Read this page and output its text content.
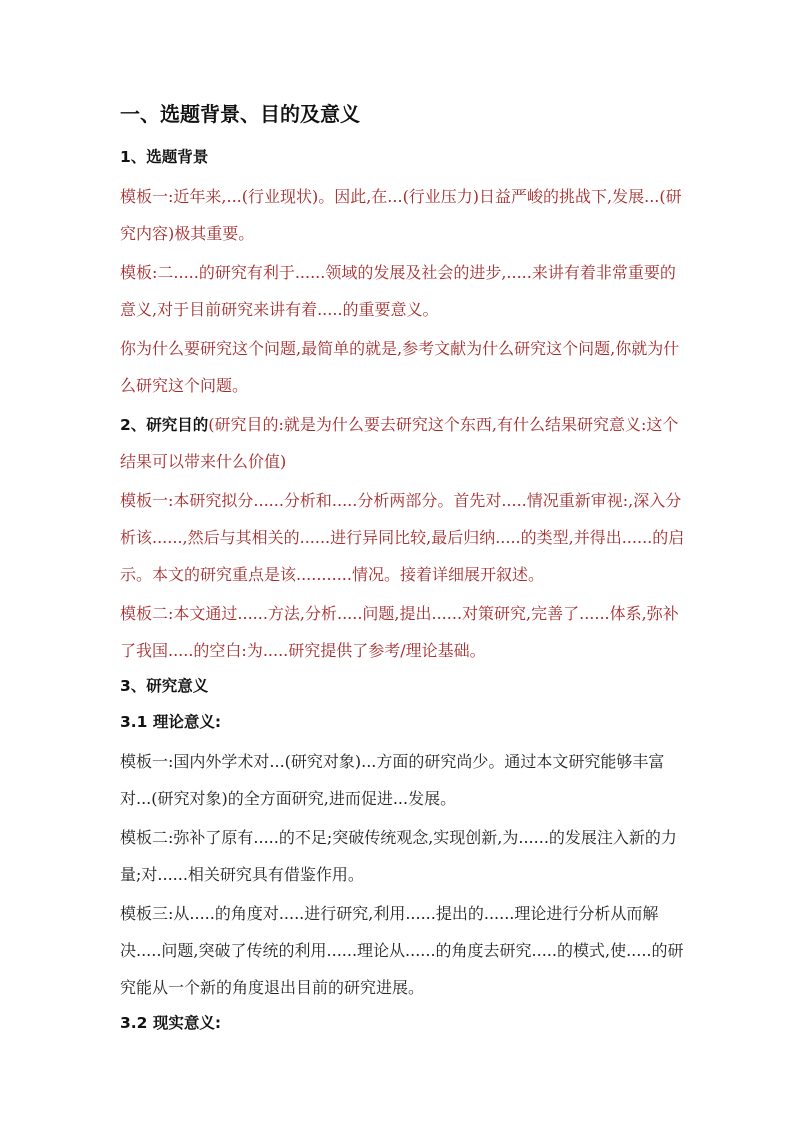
一、选题背景、目的及意义
1、选题背景

模板一:近年来,...(行业现状)。因此,在...(行业压力)日益严峻的挑战下,发展...(研究内容)极其重要。

模板:二.....的研究有利于......领域的发展及社会的进步,.....来讲有着非常重要的意义,对于目前研究来讲有着.....的重要意义。

你为什么要研究这个问题,最简单的就是,参考文献为什么研究这个问题,你就为什么研究这个问题。

2、研究目的(研究目的:就是为什么要去研究这个东西,有什么结果研究意义:这个结果可以带来什么价值)

模板一:本研究拟分......分析和.....分析两部分。首先对.....情况重新审视:,深入分析该......,然后与其相关的......进行异同比较,最后归纳.....的类型,并得出......的启示。本文的研究重点是该...........情况。接着详细展开叙述。

模板二:本文通过......方法,分析.....问题,提出......对策研究,完善了......体系,弥补了我国.....的空白:为.....研究提供了参考/理论基础。

3、研究意义
3.1 理论意义:

模板一:国内外学术对...(研究对象)...方面的研究尚少。通过本文研究能够丰富对...(研究对象)的全方面研究,进而促进...发展。

模板二:弥补了原有.....的不足;突破传统观念,实现创新,为......的发展注入新的力量;对......相关研究具有借鉴作用。

模板三:从.....的角度对.....进行研究,利用......提出的......理论进行分析从而解决.....问题,突破了传统的利用......理论从......的角度去研究.....的模式,使.....的研究能从一个新的角度退出目前的研究进展。

3.2 现实意义:
